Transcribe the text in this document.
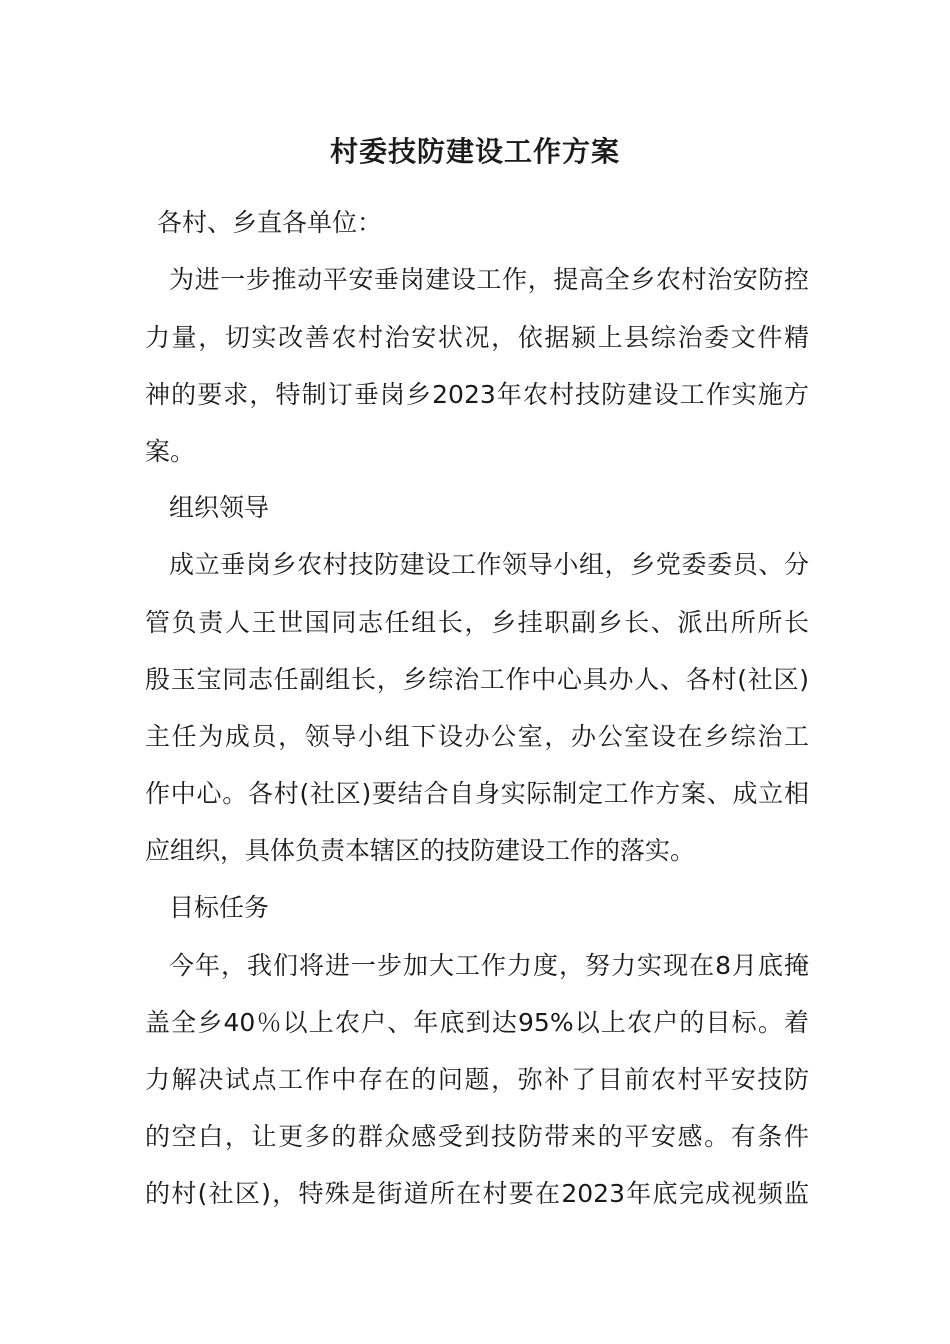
村委技防建设工作方案
各村、乡直各单位：
为进一步推动平安垂岗建设工作，提高全乡农村治安防控
力量，切实改善农村治安状况，依据颍上县综治委文件精
神的要求，特制订垂岗乡2023年农村技防建设工作实施方
案。
组织领导
成立垂岗乡农村技防建设工作领导小组，乡党委委员、分
管负责人王世国同志任组长，乡挂职副乡长、派出所所长
殷玉宝同志任副组长，乡综治工作中心具办人、各村(社区)
主任为成员，领导小组下设办公室，办公室设在乡综治工
作中心。各村(社区)要结合自身实际制定工作方案、成立相
应组织，具体负责本辖区的技防建设工作的落实。
目标任务
今年，我们将进一步加大工作力度，努力实现在8月底掩
盖全乡40％以上农户、年底到达95%以上农户的目标。着
力解决试点工作中存在的问题，弥补了目前农村平安技防
的空白，让更多的群众感受到技防带来的平安感。有条件
的村(社区)，特殊是街道所在村要在2023年底完成视频监
